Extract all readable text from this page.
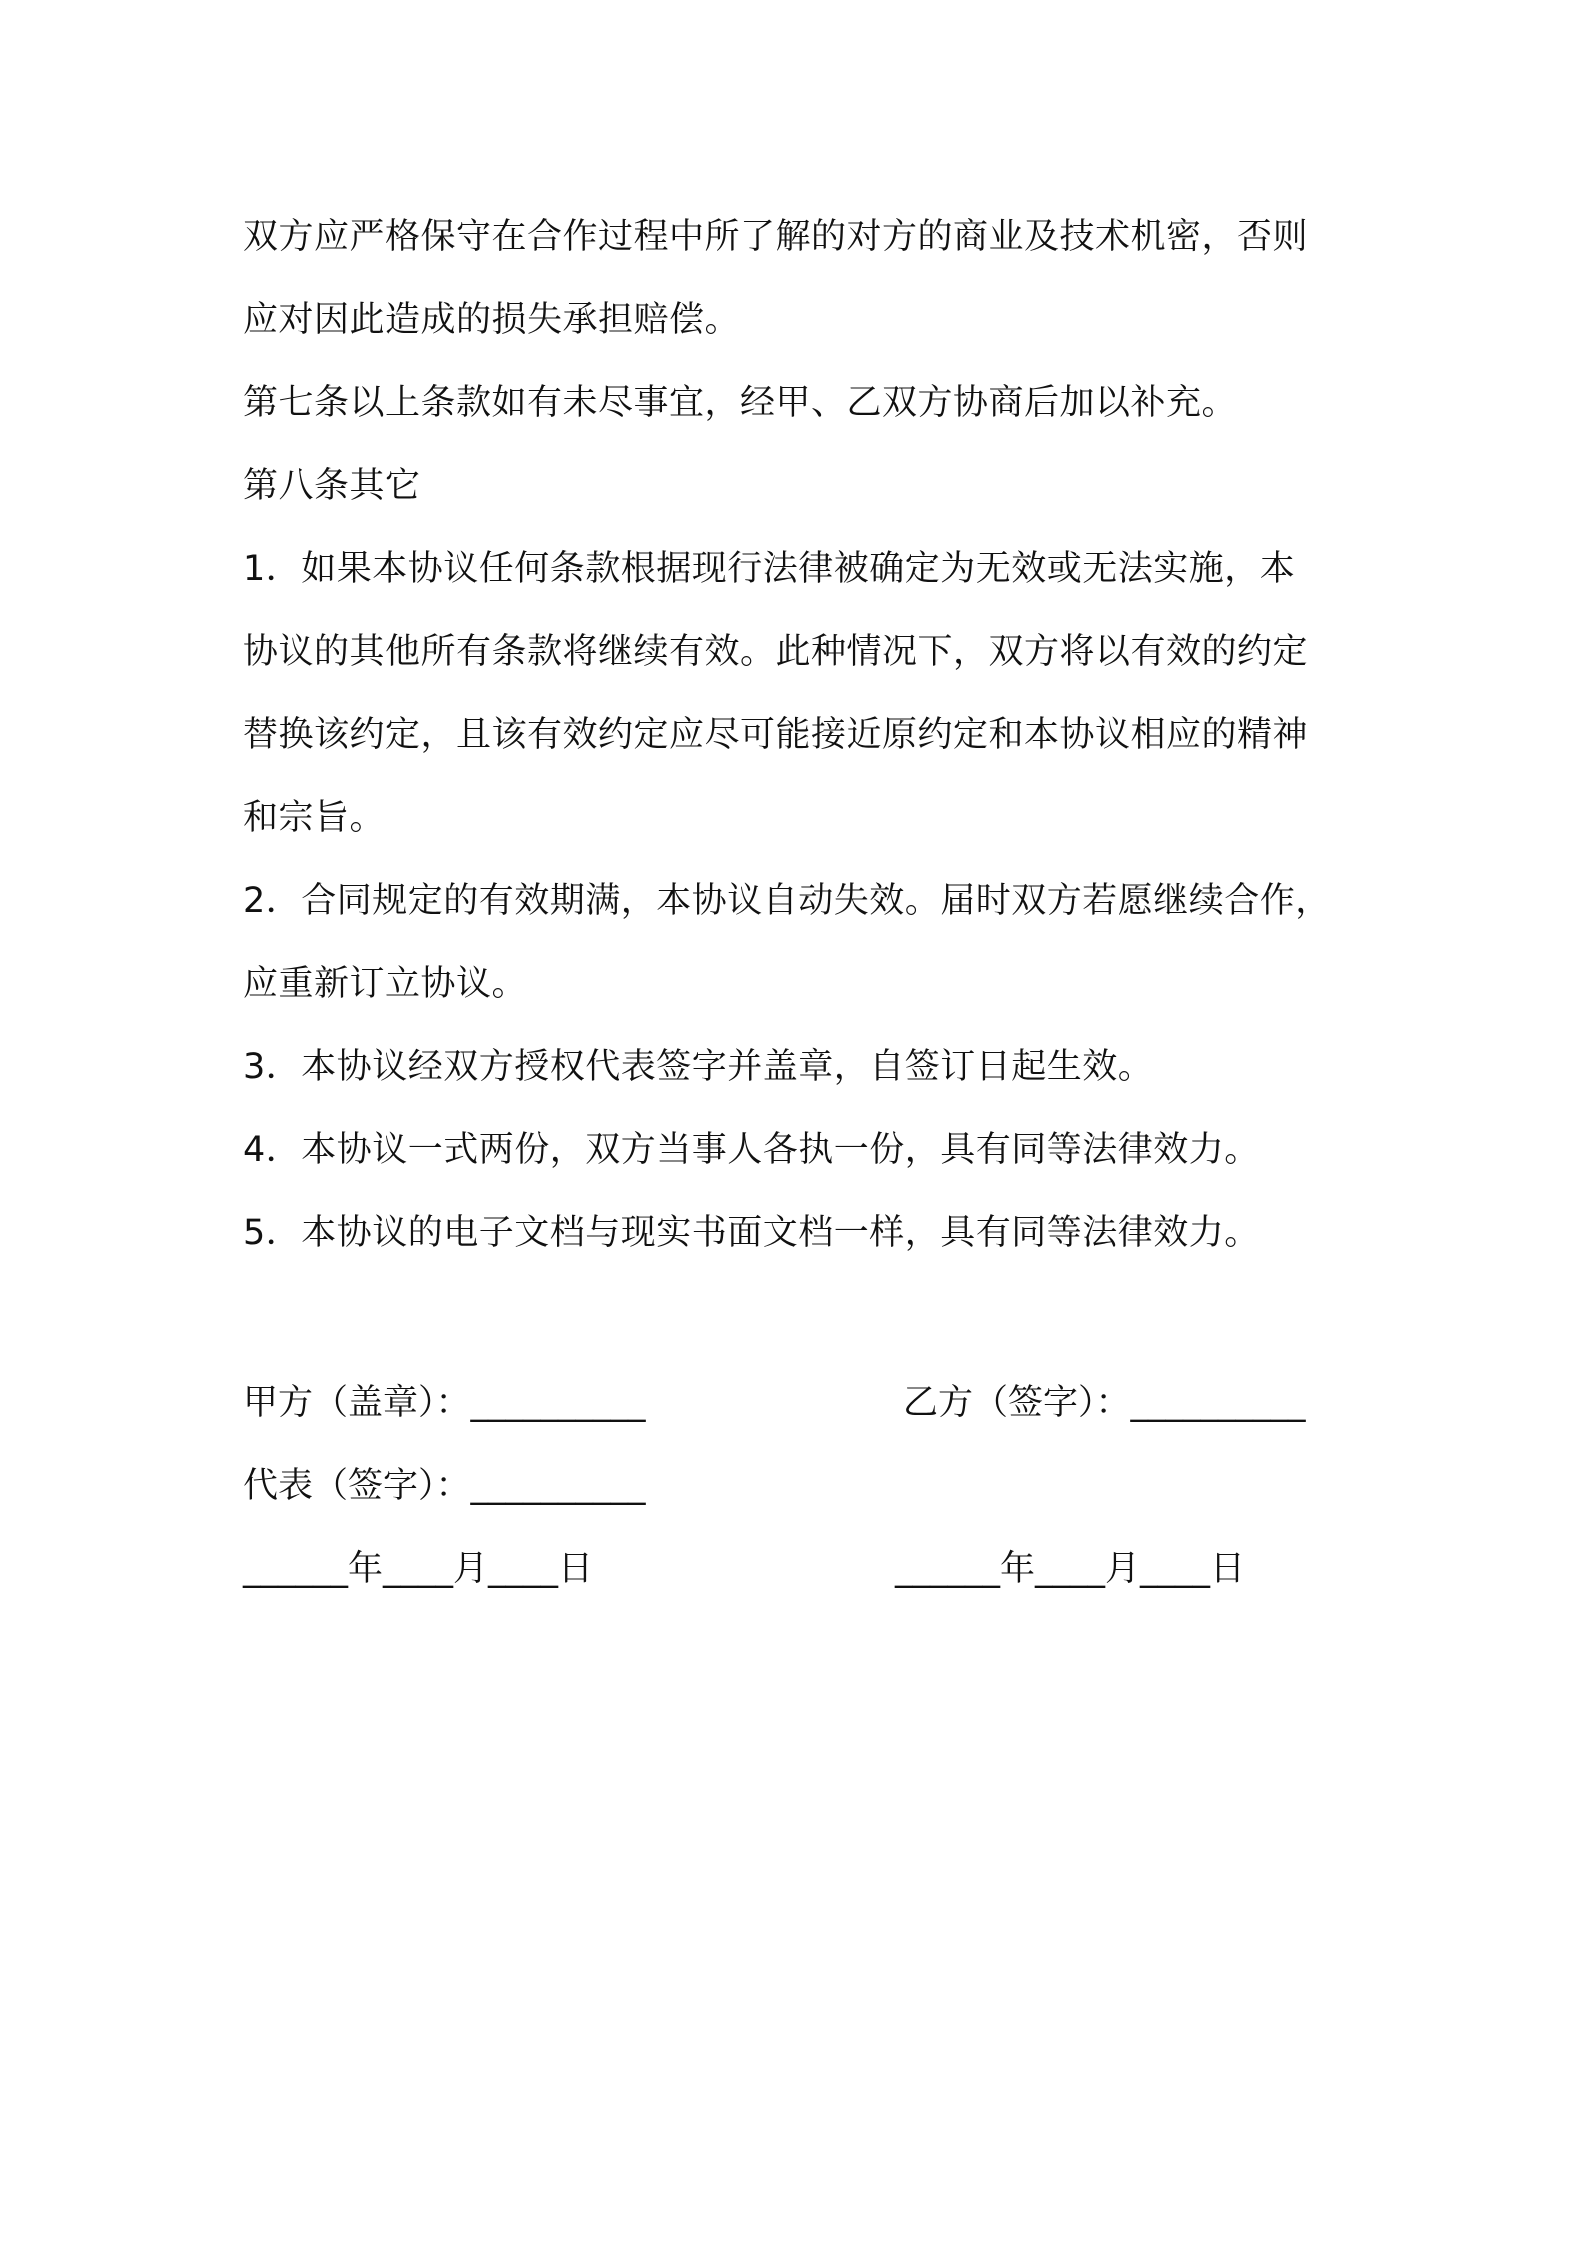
双方应严格保守在合作过程中所了解的对方的商业及技术机密，否则
应对因此造成的损失承担赔偿。
第七条以上条款如有未尽事宜，经甲、乙双方协商后加以补充。
第八条其它
1．如果本协议任何条款根据现行法律被确定为无效或无法实施，本
协议的其他所有条款将继续有效。此种情况下，双方将以有效的约定
替换该约定，且该有效约定应尽可能接近原约定和本协议相应的精神
和宗旨。
2．合同规定的有效期满，本协议自动失效。届时双方若愿继续合作，
应重新订立协议。
3．本协议经双方授权代表签字并盖章，自签订日起生效。
4．本协议一式两份，双方当事人各执一份，具有同等法律效力。
5．本协议的电子文档与现实书面文档一样，具有同等法律效力。
甲方（盖章）：__________	乙方（签字）：__________
代表（签字）：__________
______年____月____日	______年____月____日
